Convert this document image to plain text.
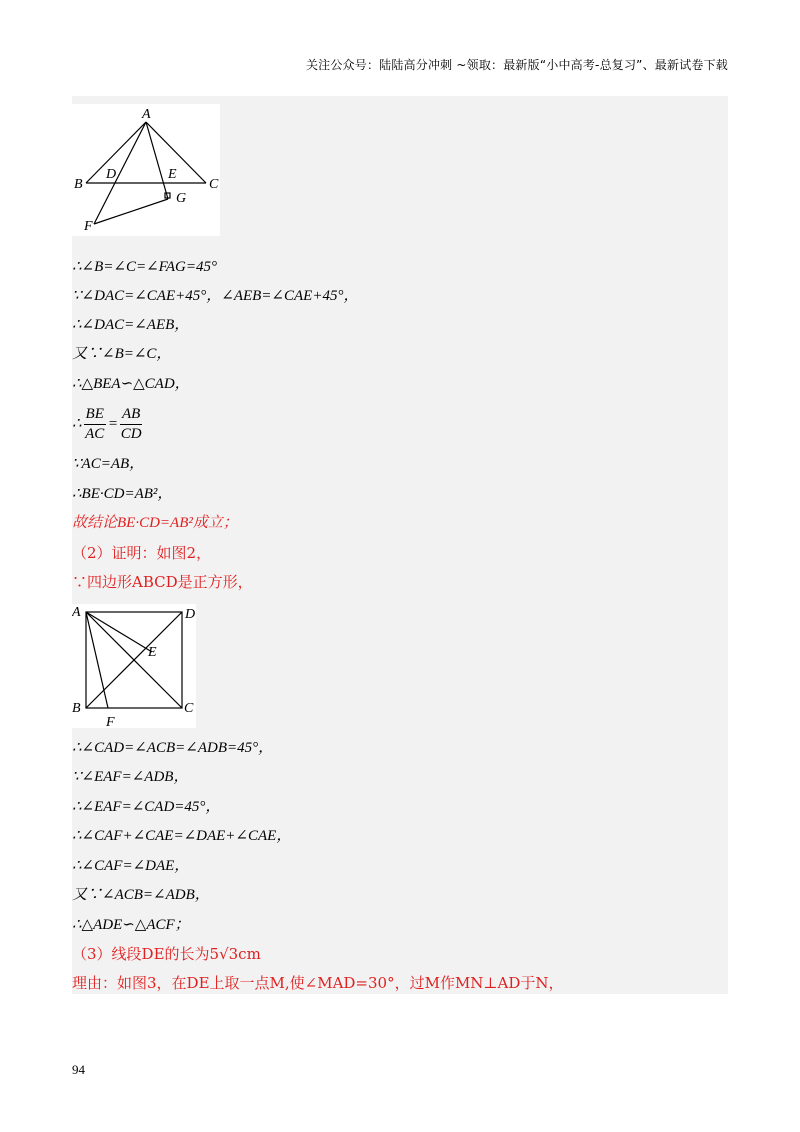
关注公众号：陆陆高分冲刺 ~领取：最新版“小中高考-总复习”、最新试卷下载
A
B	C
D	E
F
G
∴∠B=∠C=∠FAG=45°
∵∠DAC=∠CAE+45°，∠AEB=∠CAE+45°，
∴∠DAC=∠AEB，
又∵∠B=∠C，
∴△BEA∽△CAD，
∴ $\frac{BE}{AC} = \frac{AB}{CD}$
∵AC=AB，
∴BE·CD=AB²，
故结论BE·CD=AB²成立；
（2）证明：如图2，
∵四边形ABCD是正方形，
A	D
E
B	C
F
∴∠CAD=∠ACB=∠ADB=45°，
∵∠EAF=∠ADB，
∴∠EAF=∠CAD=45°，
∴∠CAF+∠CAE=∠DAE+∠CAE，
∴∠CAF=∠DAE，
又∵∠ACB=∠ADB，
∴△ADE∽△ACF；
（3）线段DE的长为5√3cm
理由：如图3，在DE上取一点M,使∠MAD=30°，过M作MN⊥AD于N，
94
